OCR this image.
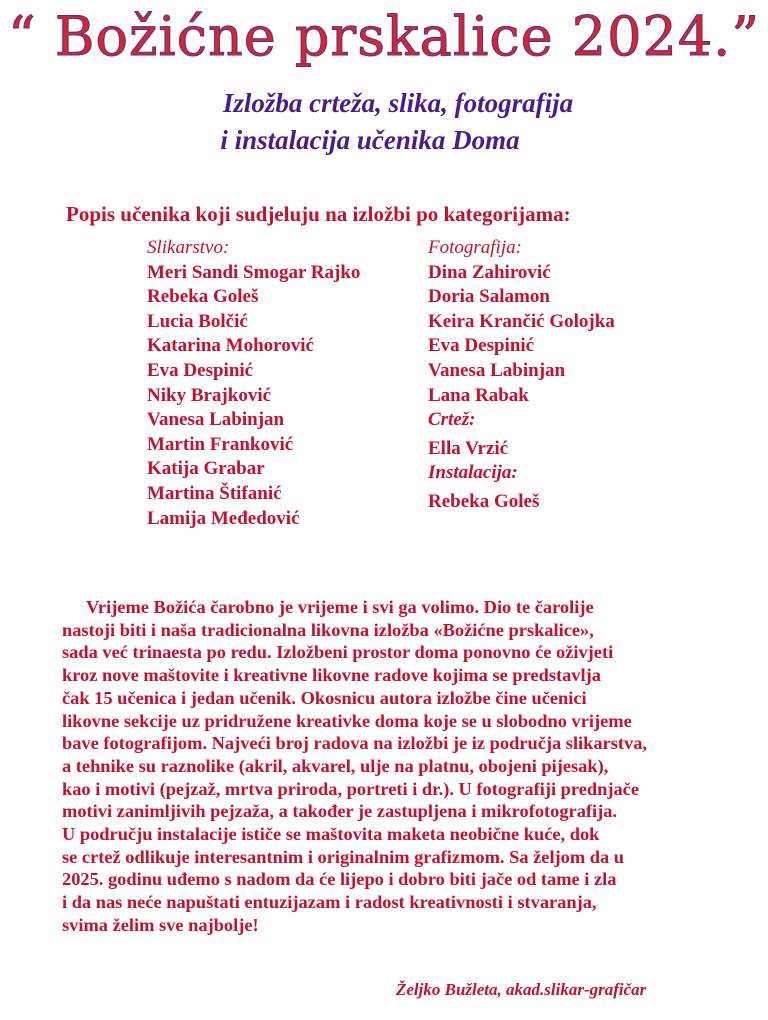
“ Božićne prskalice 2024.”
Izložba crteža, slika, fotografija
i instalacija učenika Doma
Popis učenika koji sudjeluju na izložbi po kategorijama:
Slikarstvo:
Meri Sandi Smogar Rajko
Rebeka Goleš
Lucia Bolčić
Katarina Mohorović
Eva Despinić
Niky Brajković
Vanesa Labinjan
Martin Franković
Katija Grabar
Martina Štifanić
Lamija Međedović
Fotografija:
Dina Zahirović
Doria Salamon
Keira Krančić Golojka
Eva Despinić
Vanesa Labinjan
Lana Rabak
Crtež:
Ella Vrzić
Instalacija:
Rebeka Goleš
Vrijeme Božića čarobno je vrijeme i svi ga volimo. Dio te čarolije
nastoji biti i naša tradicionalna likovna izložba «Božićne prskalice»,
sada već trinaesta po redu. Izložbeni prostor doma ponovno će oživjeti
kroz nove maštovite i kreativne likovne radove kojima se predstavlja
čak 15 učenica i jedan učenik. Okosnicu autora izložbe čine učenici
likovne sekcije uz pridružene kreativke doma koje se u slobodno vrijeme
bave fotografijom. Najveći broj radova na izložbi je iz područja slikarstva,
a tehnike su raznolike (akril, akvarel, ulje na platnu, obojeni pijesak),
kao i motivi (pejzaž, mrtva priroda, portreti i dr.). U fotografiji prednjače
motivi zanimljivih pejzaža, a također je zastupljena i mikrofotografija.
U području instalacije ističe se maštovita maketa neobične kuće, dok
se crtež odlikuje interesantnim i originalnim grafizmom. Sa željom da u
2025. godinu uđemo s nadom da će lijepo i dobro biti jače od tame i zla
i da nas neće napuštati entuzijazam i radost kreativnosti i stvaranja,
svima želim sve najbolje!
Željko Bužleta, akad.slikar-grafičar
